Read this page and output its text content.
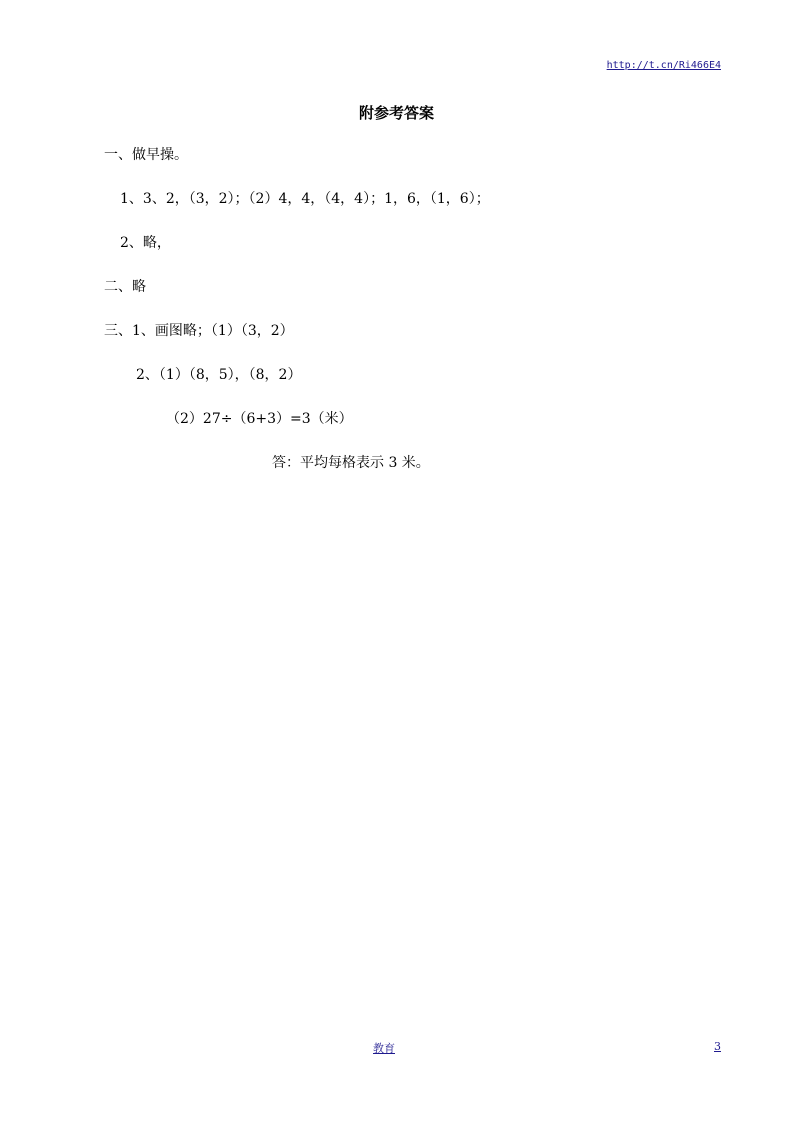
http://t.cn/Ri466E4
附参考答案
一、做早操。
1、3、2，（3，2）；（2）4，4，（4，4）；1，6，（1，6）；
2、略，
二、略
三、1、画图略；（1）（3，2）
2、（1）（8，5），（8，2）
（2）27÷（6+3）=3（米）
答：平均每格表示 3 米。
教育	3
